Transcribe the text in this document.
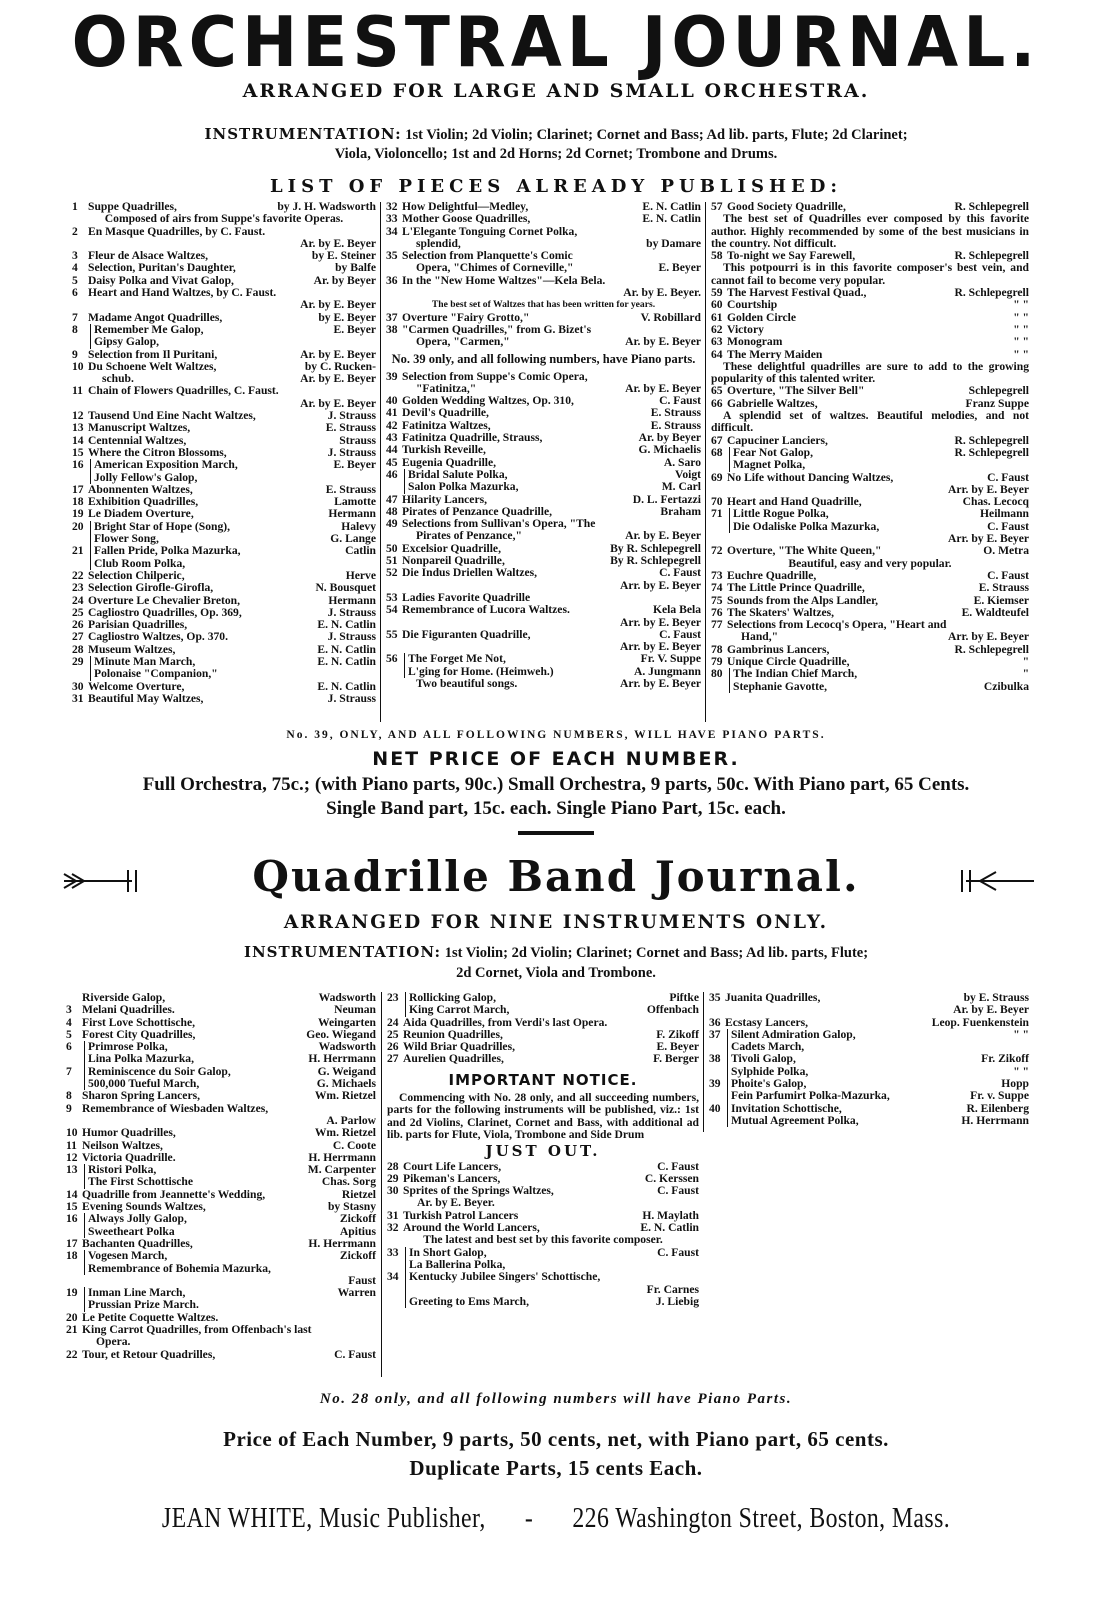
ORCHESTRAL JOURNAL.
ARRANGED FOR LARGE AND SMALL ORCHESTRA.
INSTRUMENTATION: 1st Violin; 2d Violin; Clarinet; Cornet and Bass; Ad lib. parts, Flute; 2d Clarinet;
Viola, Violoncello; 1st and 2d Horns; 2d Cornet; Trombone and Drums.
LIST OF PIECES ALREADY PUBLISHED:
1 Suppe Quadrilles,	by J. H. Wadsworth
Composed of airs from Suppe's favorite Operas.
2 En Masque Quadrilles, by C. Faust.
Ar. by E. Beyer
3 Fleur de Alsace Waltzes,	by E. Steiner
4 Selection, Puritan's Daughter,	by Balfe
5 Daisy Polka and Vivat Galop,	Ar. by Beyer
6 Heart and Hand Waltzes, by C. Faust.
Ar. by E. Beyer
7 Madame Angot Quadrilles,	by E. Beyer
8	Remember Me Galop,	E. Beyer
Gipsy Galop,
9 Selection from Il Puritani,	Ar. by E. Beyer
10 Du Schoene Welt Waltzes,	by C. Rucken-
schub.	Ar. by E. Beyer
11 Chain of Flowers Quadrilles, C. Faust.
Ar. by E. Beyer
12 Tausend Und Eine Nacht Waltzes,	J. Strauss
13 Manuscript Waltzes,	E. Strauss
14 Centennial Waltzes,	Strauss
15 Where the Citron Blossoms,	J. Strauss
16 American Exposition March,	E. Beyer
Jolly Fellow's Galop,
17 Abonnenten Waltzes,	E. Strauss
18 Exhibition Quadrilles,	Lamotte
19 Le Diadem Overture,	Hermann
20 Bright Star of Hope (Song),	Halevy
Flower Song,	G. Lange
21 Fallen Pride, Polka Mazurka,	Catlin
Club Room Polka,
22 Selection Chilperic,	Herve
23 Selection Girofle-Girofla,	N. Bousquet
24 Overture Le Chevalier Breton,	Hermann
25 Cagliostro Quadrilles, Op. 369,	J. Strauss
26 Parisian Quadrilles,	E. N. Catlin
27 Cagliostro Waltzes, Op. 370.	J. Strauss
28 Museum Waltzes,	E. N. Catlin
29 Minute Man March,	E. N. Catlin
Polonaise "Companion,"
30 Welcome Overture,	E. N. Catlin
31 Beautiful May Waltzes,	J. Strauss
32 How Delightful—Medley,	E. N. Catlin
33 Mother Goose Quadrilles,	E. N. Catlin
34 L'Elegante Tonguing Cornet Polka,
splendid,	by Damare
35 Selection from Planquette's Comic
Opera, "Chimes of Corneville,"	E. Beyer
36 In the "New Home Waltzes"—Kela Bela.
Ar. by E. Beyer.
The best set of Waltzes that has been written for years.
37 Overture "Fairy Grotto,"	V. Robillard
38 "Carmen Quadrilles," from G. Bizet's
Opera, "Carmen,"	Ar. by E. Beyer
No. 39 only, and all following numbers, have Piano parts.
39 Selection from Suppe's Comic Opera,
"Fatinitza,"	Ar. by E. Beyer
40 Golden Wedding Waltzes, Op. 310,	C. Faust
41 Devil's Quadrille,	E. Strauss
42 Fatinitza Waltzes,	E. Strauss
43 Fatinitza Quadrille, Strauss,	Ar. by Beyer
44 Turkish Reveille,	G. Michaelis
45 Eugenia Quadrille,	A. Saro
46 Bridal Salute Polka,	Voigt
Salon Polka Mazurka,	M. Carl
47 Hilarity Lancers,	D. L. Fertazzi
48 Pirates of Penzance Quadrille,	Braham
49 Selections from Sullivan's Opera, "The
Pirates of Penzance,"	Ar. by E. Beyer
50 Excelsior Quadrille,	By R. Schlepegrell
51 Nonpareil Quadrille,	By R. Schlepegrell
52 Die Indus Driellen Waltzes,	C. Faust
Arr. by E. Beyer
53 Ladies Favorite Quadrille
54 Remembrance of Lucora Waltzes.	Kela Bela
Arr. by E. Beyer
55 Die Figuranten Quadrille,	C. Faust
Arr. by E. Beyer
56 The Forget Me Not,	Fr. V. Suppe
L'ging for Home. (Heimweh.)	A. Jungmann
Two beautiful songs.	Arr. by E. Beyer
57 Good Society Quadrille,	R. Schlepegrell
The best set of Quadrilles ever composed by this favorite author. Highly recommended by some of the best musicians in the country. Not difficult.
58 To-night we Say Farewell,	R. Schlepegrell
This potpourri is in this favorite composer's best vein, and cannot fail to become very popular.
59 The Harvest Festival Quad.,	R. Schlepegrell
60 Courtship	" "
61 Golden Circle	" "
62 Victory	" "
63 Monogram	" "
64 The Merry Maiden	" "
These delightful quadrilles are sure to add to the growing popularity of this talented writer.
65 Overture, "The Silver Bell"	Schlepegrell
66 Gabrielle Waltzes,	Franz Suppe
A splendid set of waltzes. Beautiful melodies, and not difficult.
67 Capuciner Lanciers,	R. Schlepegrell
68 Fear Not Galop,	R. Schlepegrell
Magnet Polka,
69 No Life without Dancing Waltzes,	C. Faust
Arr. by E. Beyer
70 Heart and Hand Quadrille,	Chas. Lecocq
71 Little Rogue Polka,	Heilmann
Die Odaliske Polka Mazurka,	C. Faust
Arr. by E. Beyer
72 Overture, "The White Queen,"	O. Metra
Beautiful, easy and very popular.
73 Euchre Quadrille,	C. Faust
74 The Little Prince Quadrille,	E. Strauss
75 Sounds from the Alps Landler,	E. Kiemser
76 The Skaters' Waltzes,	E. Waldteufel
77 Selections from Lecocq's Opera, "Heart and
Hand,"	Arr. by E. Beyer
78 Gambrinus Lancers,	R. Schlepegrell
79 Unique Circle Quadrille,	"
80 The Indian Chief March,	"
Stephanie Gavotte,	Czibulka
No. 39, ONLY, AND ALL FOLLOWING NUMBERS, WILL HAVE PIANO PARTS.
NET PRICE OF EACH NUMBER.
Full Orchestra, 75c.; (with Piano parts, 90c.) Small Orchestra, 9 parts, 50c. With Piano part, 65 Cents.
Single Band part, 15c. each. Single Piano Part, 15c. each.
Quadrille Band Journal.
ARRANGED FOR NINE INSTRUMENTS ONLY.
INSTRUMENTATION: 1st Violin; 2d Violin; Clarinet; Cornet and Bass; Ad lib. parts, Flute;
2d Cornet, Viola and Trombone.
Riverside Galop,	Wadsworth
3 Melani Quadrilles.	Neuman
4 First Love Schottische,	Weingarten
5 Forest City Quadrilles,	Geo. Wiegand
6	Primrose Polka,	Wadsworth
Lina Polka Mazurka,	H. Herrmann
7	Reminiscence du Soir Galop,	G. Weigand
500,000 Tueful March,	G. Michaels
8 Sharon Spring Lancers,	Wm. Rietzel
9 Remembrance of Wiesbaden Waltzes,
A. Parlow
10 Humor Quadrilles,	Wm. Rietzel
11 Neilson Waltzes,	C. Coote
12 Victoria Quadrille.	H. Herrmann
13 Ristori Polka,	M. Carpenter
The First Schottische	Chas. Sorg
14 Quadrille from Jeannette's Wedding,	Rietzel
15 Evening Sounds Waltzes,	by Stasny
16 Always Jolly Galop,	Zickoff
Sweetheart Polka	Apitius
17 Bachanten Quadrilles,	H. Herrmann
18 Vogesen March,	Zickoff
Remembrance of Bohemia Mazurka,
Faust
19 Inman Line March,	Warren
Prussian Prize March.
20 Le Petite Coquette Waltzes.
21 King Carrot Quadrilles, from Offenbach's last
Opera.
22 Tour, et Retour Quadrilles,	C. Faust
23 Rollicking Galop,	Piftke
King Carrot March,	Offenbach
24 Aida Quadrilles, from Verdi's last Opera.
25 Reunion Quadrilles,	F. Zikoff
26 Wild Briar Quadrilles,	E. Beyer
27 Aurelien Quadrilles,	F. Berger
IMPORTANT NOTICE.
Commencing with No. 28 only, and all succeeding numbers, parts for the following instruments will be published, viz.: 1st and 2d Violins, Clarinet, Cornet and Bass, with additional ad lib. parts for Flute, Viola, Trombone and Side Drum
JUST OUT.
28 Court Life Lancers,	C. Faust
29 Pikeman's Lancers,	C. Kerssen
30 Sprites of the Springs Waltzes,	C. Faust
Ar. by E. Beyer.
31 Turkish Patrol Lancers	H. Maylath
32 Around the World Lancers,	E. N. Catlin
The latest and best set by this favorite composer.
33 In Short Galop,	C. Faust
La Ballerina Polka,
34 Kentucky Jubilee Singers' Schottische,
Fr. Carnes
Greeting to Ems March,	J. Liebig
35 Juanita Quadrilles,	by E. Strauss
Ar. by E. Beyer
36 Ecstasy Lancers,	Leop. Fuenkenstein
37 Silent Admiration Galop,	" "
Cadets March,
38 Tivoli Galop,	Fr. Zikoff
Sylphide Polka,	" "
39 Phoite's Galop,	Hopp
Fein Parfumirt Polka-Mazurka,	Fr. v. Suppe
40 Invitation Schottische,	R. Eilenberg
Mutual Agreement Polka,	H. Herrmann
No. 28 only, and all following numbers will have Piano Parts.
Price of Each Number, 9 parts, 50 cents, net, with Piano part, 65 cents.
Duplicate Parts, 15 cents Each.
JEAN WHITE, Music Publisher, - 226 Washington Street, Boston, Mass.
